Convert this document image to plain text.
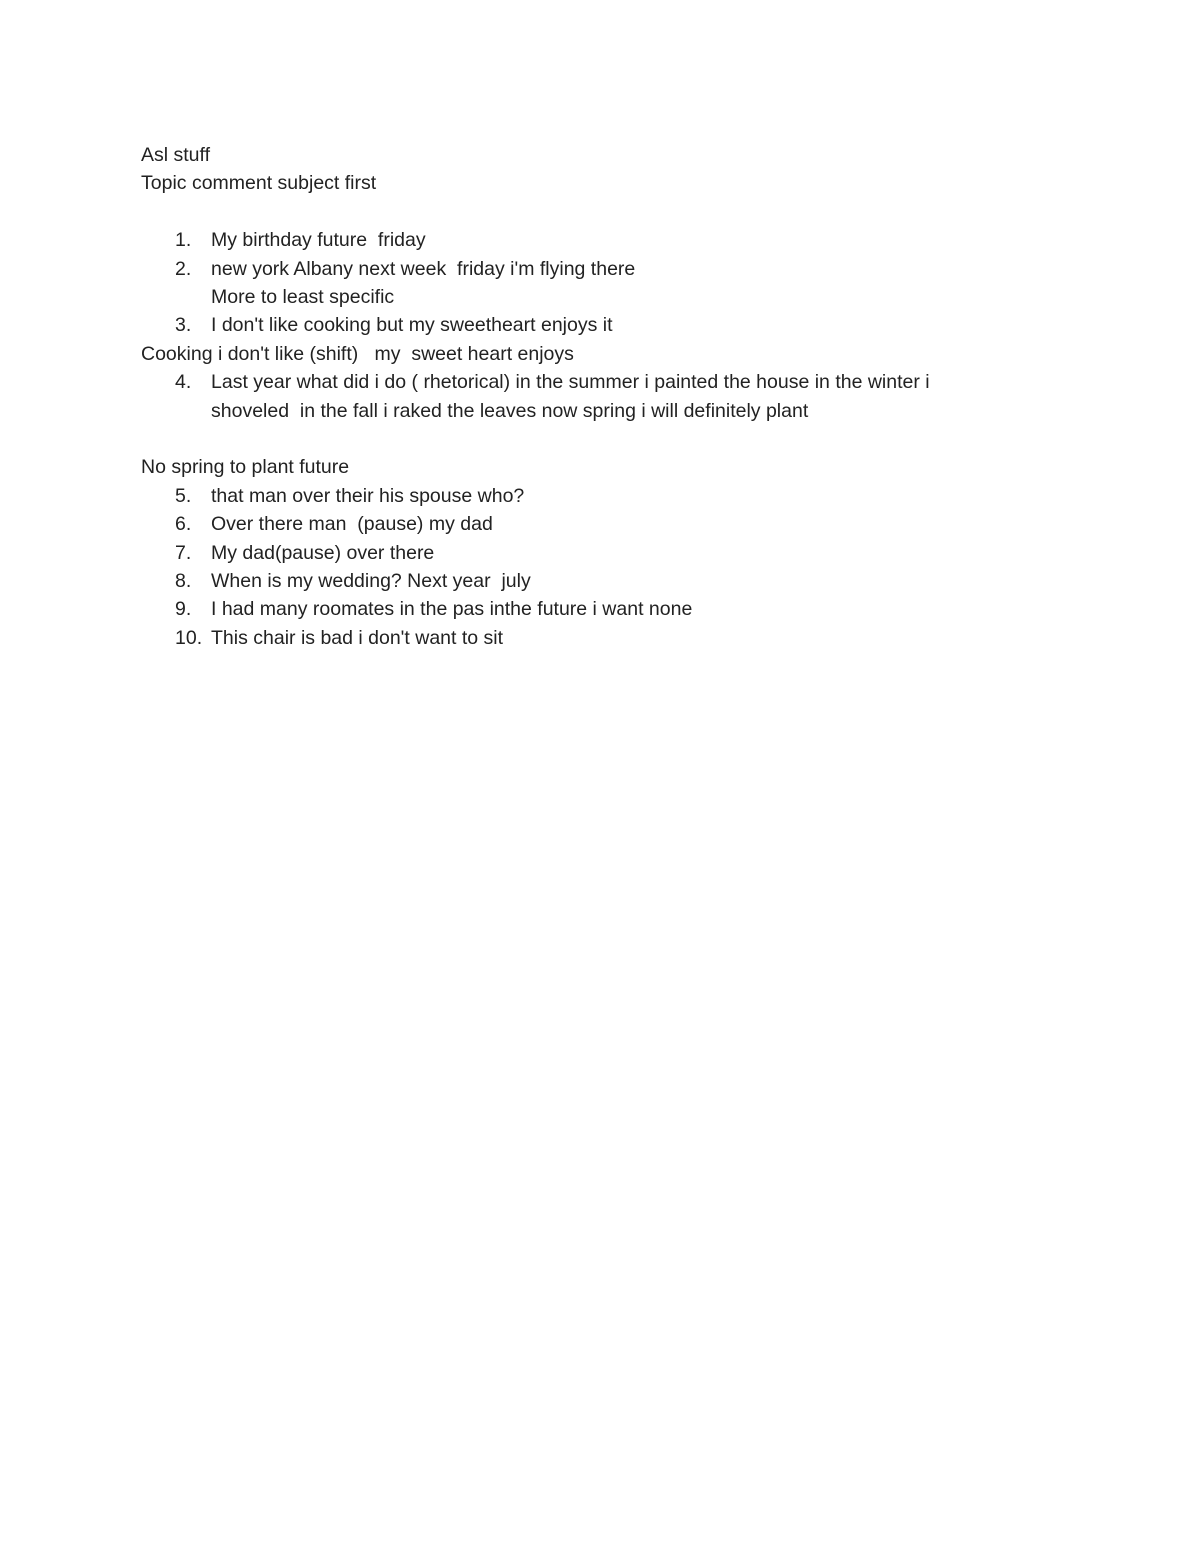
Asl stuff

Topic comment subject first

1.	My birthday future  friday
2.	new york Albany next week  friday i'm flying there

More to least specific

3.	I don't like cooking but my sweetheart enjoys it

Cooking i don't like (shift)   my  sweet heart enjoys

4.	Last year what did i do ( rhetorical) in the summer i painted the house in the winter i

shoveled  in the fall i raked the leaves now spring i will definitely plant

No spring to plant future

5.	that man over their his spouse who?
6.	Over there man  (pause) my dad
7.	My dad(pause) over there
8.	When is my wedding? Next year  july
9.	I had many roomates in the pas inthe future i want none
10. This chair is bad i don't want to sit
